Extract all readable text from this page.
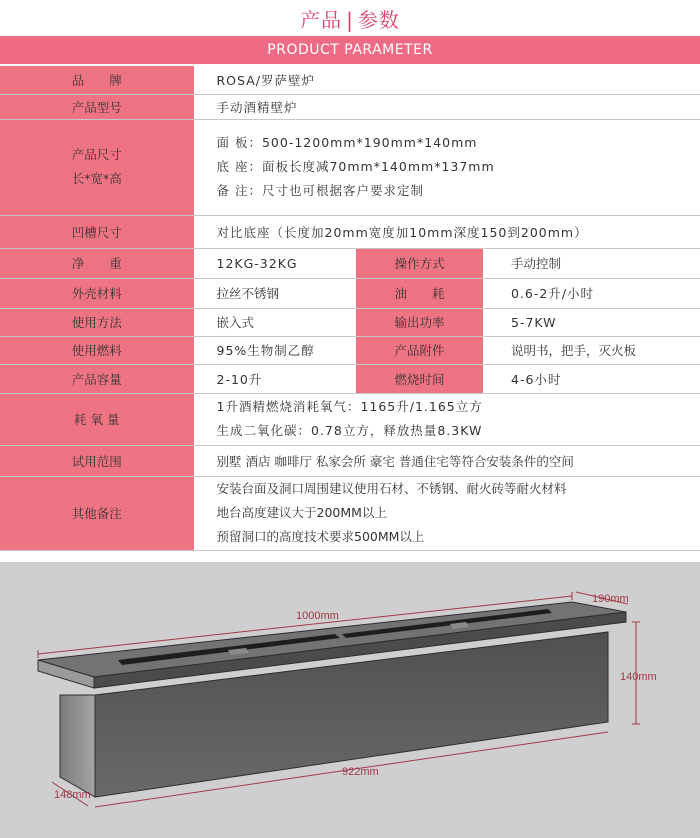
产品 | 参数
PRODUCT PARAMETER
品　　牌	ROSA/罗萨壁炉		
产品型号	手动酒精壁炉		

产品尺寸
长*宽*高	面 板：500-1200mm*190mm*140mm
底 座：面板长度减70mm*140mm*137mm
备 注：尺寸也可根据客户要求定制		

凹槽尺寸	对比底座（长度加20mm宽度加10mm深度150到200mm）		
净　　重	12KG-32KG	操作方式	手动控制
外壳材料	拉丝不锈钢	油　　耗	0.6-2升/小时
使用方法	嵌入式	输出功率	5-7KW
使用燃料	95%生物制乙醇	产品附件	说明书，把手，灭火板
产品容量	2-10升	燃烧时间	4-6小时
耗 氧 量	1升酒精燃烧消耗氧气：1165升/1.165立方
生成二氧化碳：0.78立方，释放热量8.3KW		

试用范围	别墅 酒店 咖啡厅 私家会所 豪宅 普通住宅等符合安装条件的空间		
其他备注	安装台面及洞口周围建议使用石材、不锈钢、耐火砖等耐火材料
地台高度建议大于200MM以上
预留洞口的高度技术要求500MM以上		
1000mm
190mm
140mm
922mm
148mm
